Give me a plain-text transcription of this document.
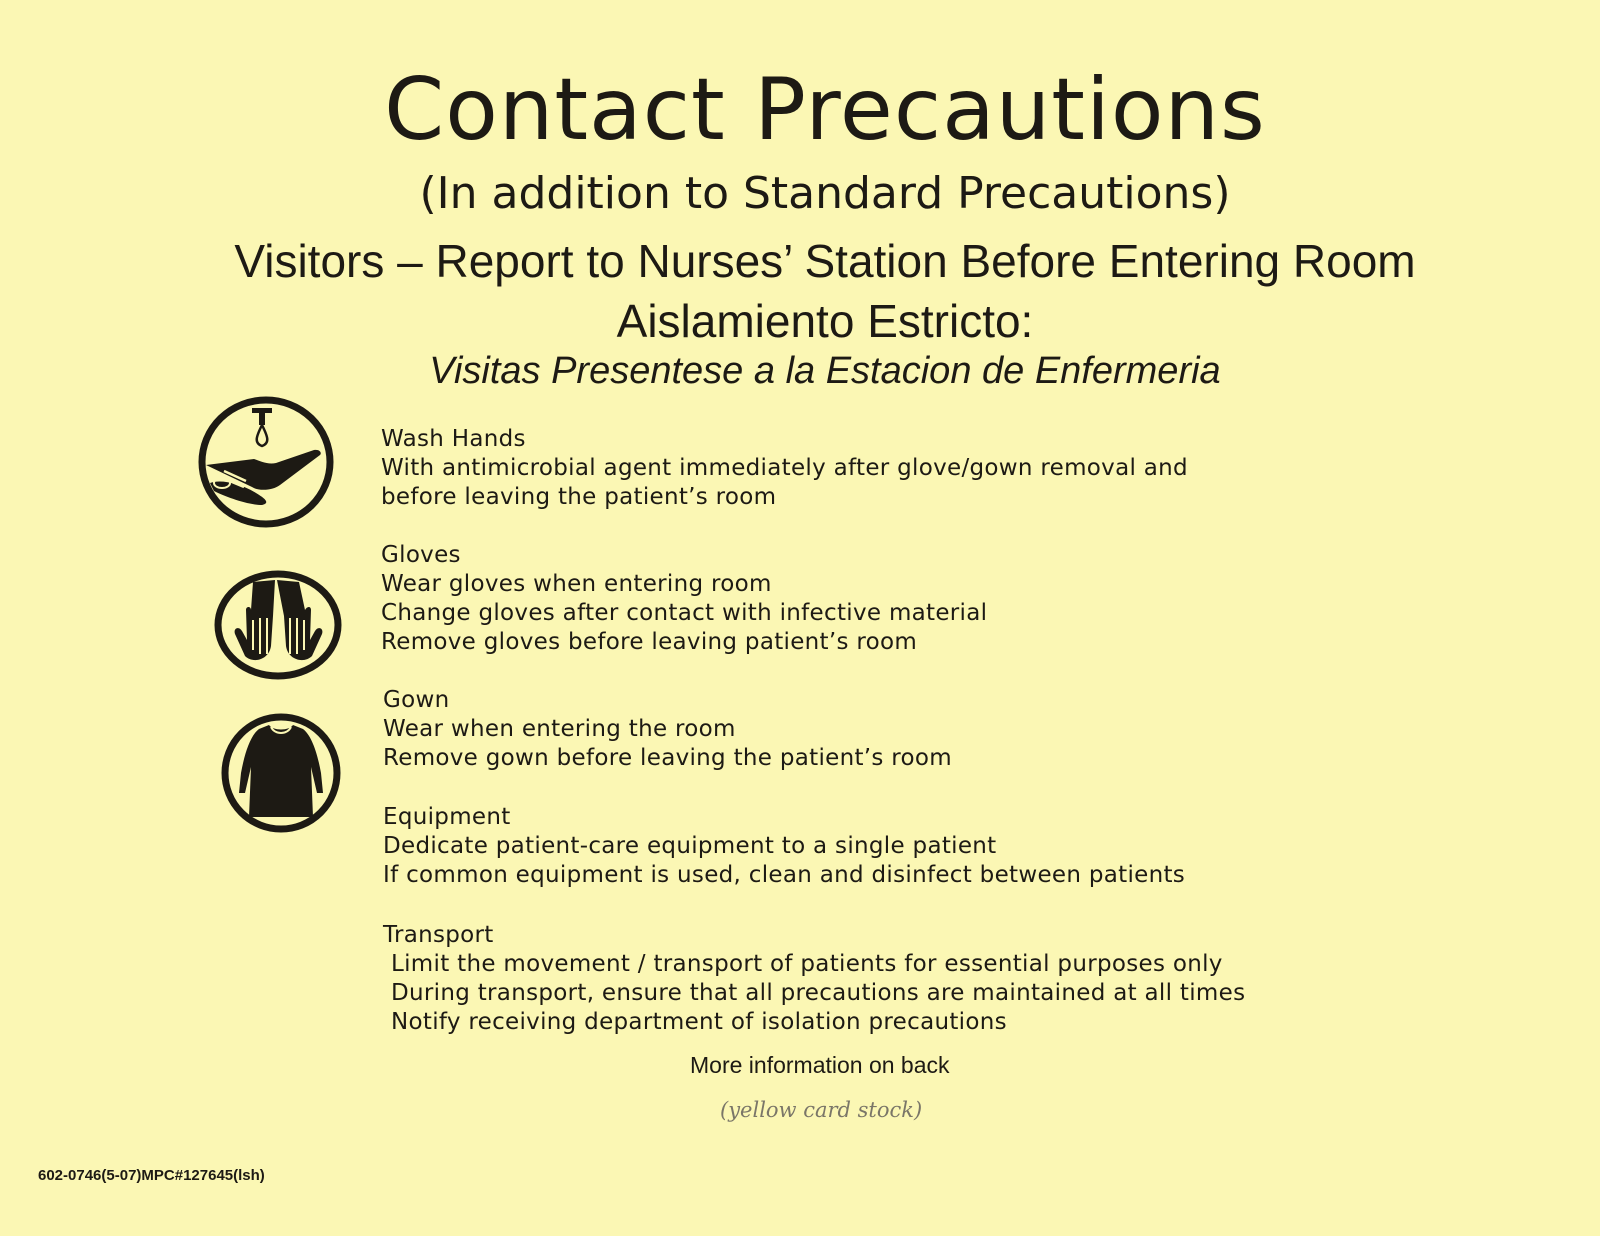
Contact Precautions
(In addition to Standard Precautions)
Visitors – Report to Nurses’ Station Before Entering Room
Aislamiento Estricto:
Visitas Presentese a la Estacion de Enfermeria
Wash Hands
With antimicrobial agent immediately after glove/gown removal and
before leaving the patient’s room
Gloves
Wear gloves when entering room
Change gloves after contact with infective material
Remove gloves before leaving patient’s room
Gown
Wear when entering the room
Remove gown before leaving the patient’s room
Equipment
Dedicate patient-care equipment to a single patient
If common equipment is used, clean and disinfect between patients
Transport
Limit the movement / transport of patients for essential purposes only
During transport, ensure that all precautions are maintained at all times
Notify receiving department of isolation precautions
More information on back
(yellow card stock)
602-0746(5-07)MPC#127645(lsh)
